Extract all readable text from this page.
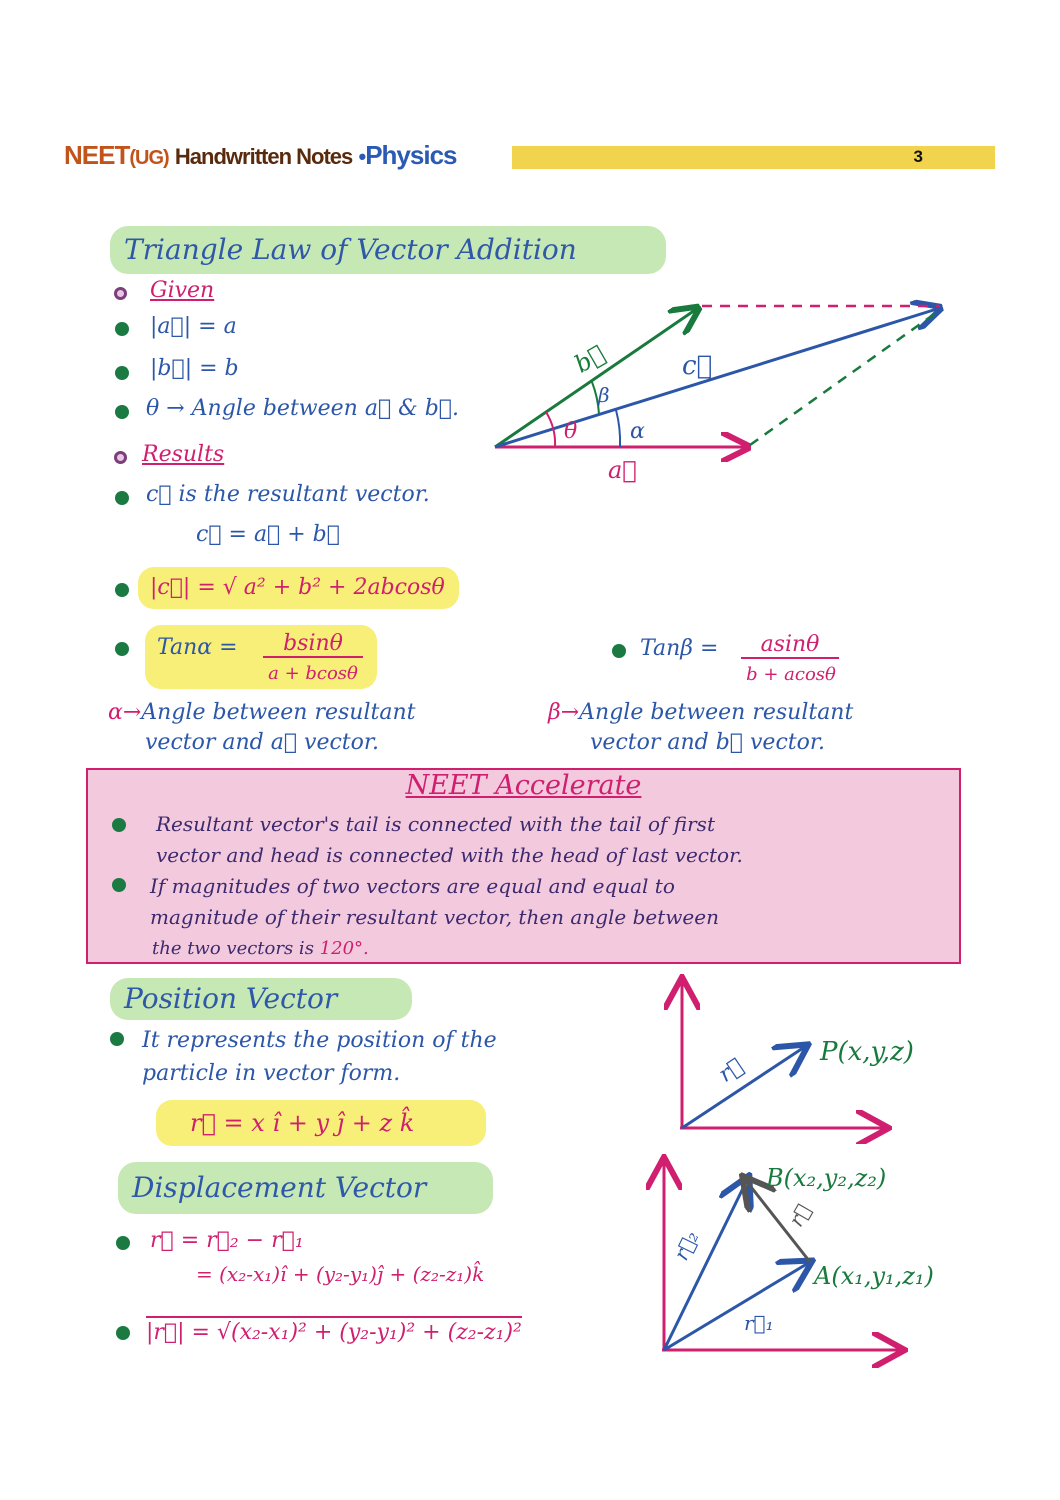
NEET(UG) Handwritten Notes •Physics	3
Triangle Law of Vector Addition
Given
|a⃗| = a
|b⃗| = b
θ → Angle between a⃗ & b⃗.
Results
c⃗ is the resultant vector.
c⃗ = a⃗ + b⃗
|c⃗| = √ a² + b² + 2abcosθ
Tanα =	bsinθ
a + bcosθ
Tanβ =	asinθ
b + acosθ
α→Angle between resultant
vector and a⃗ vector.
β→Angle between resultant
vector and b⃗ vector.
a⃗
b⃗	c⃗
θ α
β
NEET Accelerate
Resultant vector's tail is connected with the tail of first
vector and head is connected with the head of last vector.
If magnitudes of two vectors are equal and equal to
magnitude of their resultant vector, then angle between
the two vectors is 120°.
Position Vector
It represents the position of the
particle in vector form.
r⃗ = x î + y ĵ + z k̂
r⃗
P(x,y,z)
Displacement Vector
r⃗ = r⃗₂ − r⃗₁
= (x₂-x₁)î + (y₂-y₁)ĵ + (z₂-z₁)k̂
|r⃗| = √(x₂-x₁)² + (y₂-y₁)² + (z₂-z₁)²
B(x₂,y₂,z₂)
A(x₁,y₁,z₁)
r⃗
r⃗₁
r⃗₂
